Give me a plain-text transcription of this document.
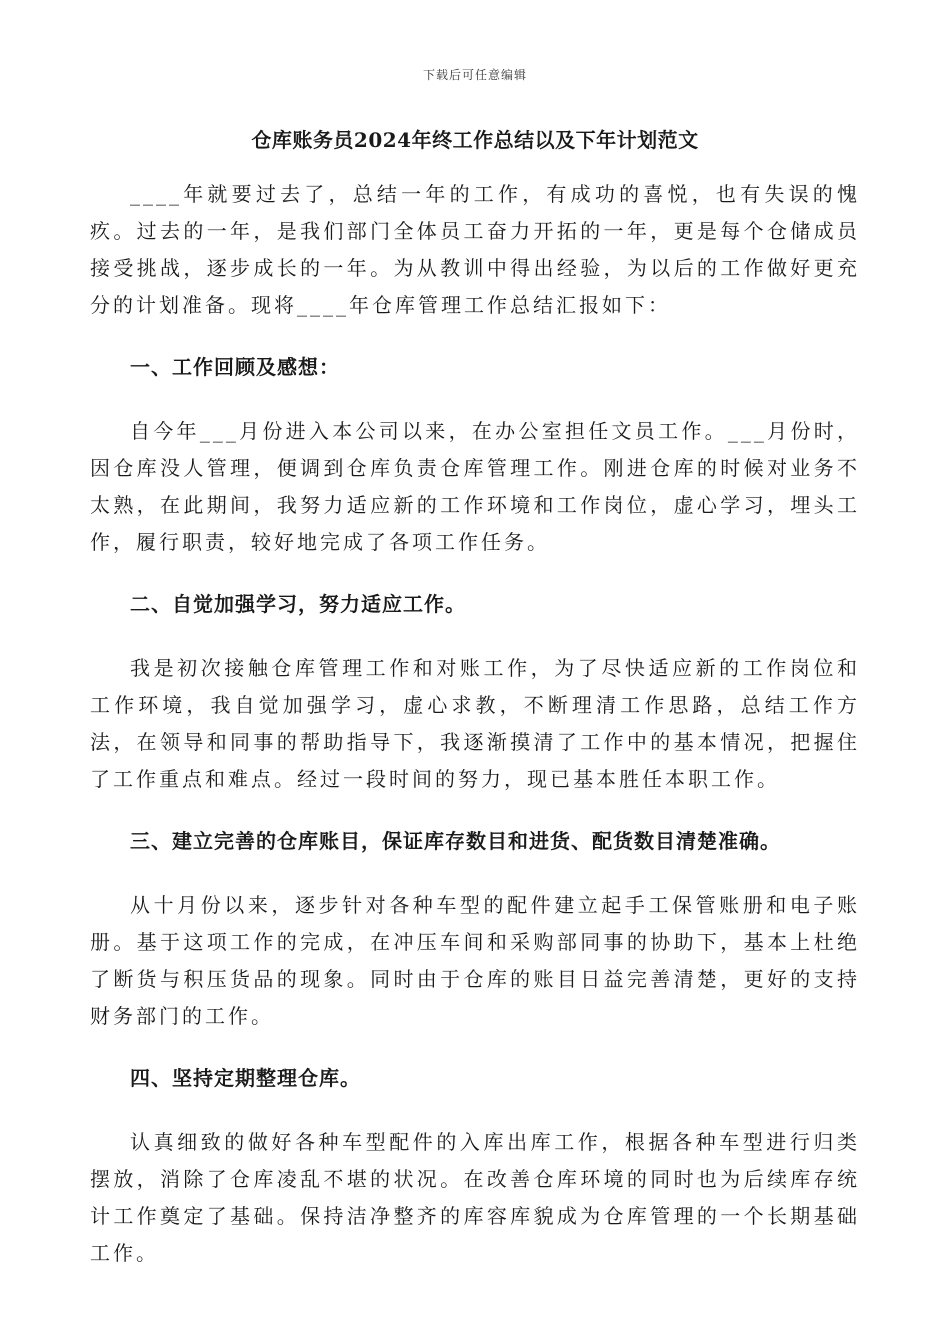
下载后可任意编辑
仓库账务员2024年终工作总结以及下年计划范文

____年就要过去了，总结一年的工作，有成功的喜悦，也有失误的愧疚。过去的一年，是我们部门全体员工奋力开拓的一年，更是每个仓储成员接受挑战，逐步成长的一年。为从教训中得出经验，为以后的工作做好更充分的计划准备。现将____年仓库管理工作总结汇报如下：

一、工作回顾及感想：

自今年___月份进入本公司以来，在办公室担任文员工作。___月份时，因仓库没人管理，便调到仓库负责仓库管理工作。刚进仓库的时候对业务不太熟，在此期间，我努力适应新的工作环境和工作岗位，虚心学习，埋头工作，履行职责，较好地完成了各项工作任务。

二、自觉加强学习，努力适应工作。

我是初次接触仓库管理工作和对账工作，为了尽快适应新的工作岗位和工作环境，我自觉加强学习，虚心求教，不断理清工作思路，总结工作方法，在领导和同事的帮助指导下，我逐渐摸清了工作中的基本情况，把握住了工作重点和难点。经过一段时间的努力，现已基本胜任本职工作。

三、建立完善的仓库账目，保证库存数目和进货、配货数目清楚准确。

从十月份以来，逐步针对各种车型的配件建立起手工保管账册和电子账册。基于这项工作的完成，在冲压车间和采购部同事的协助下，基本上杜绝了断货与积压货品的现象。同时由于仓库的账目日益完善清楚，更好的支持财务部门的工作。

四、坚持定期整理仓库。

认真细致的做好各种车型配件的入库出库工作，根据各种车型进行归类摆放，消除了仓库凌乱不堪的状况。在改善仓库环境的同时也为后续库存统计工作奠定了基础。保持洁净整齐的库容库貌成为仓库管理的一个长期基础工作。
